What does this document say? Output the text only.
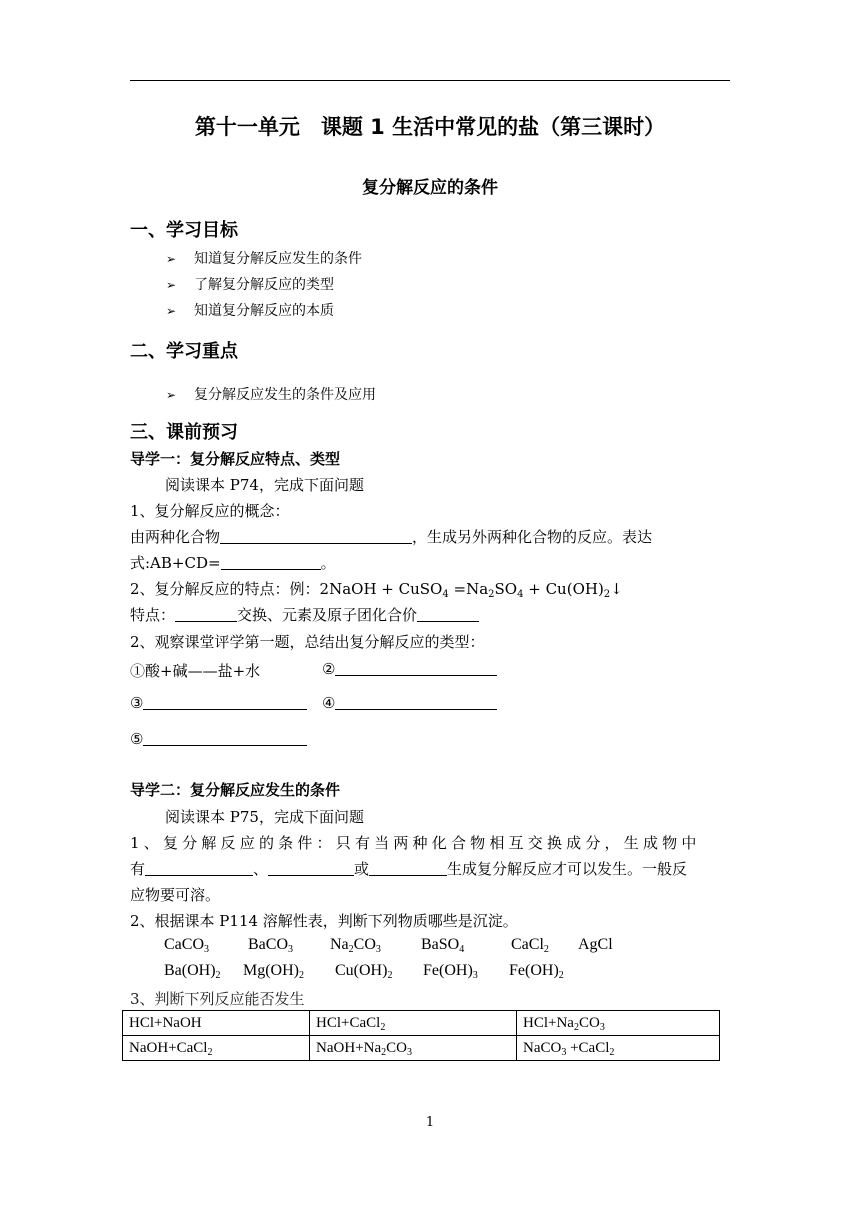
第十一单元　课题 1 生活中常见的盐（第三课时）
复分解反应的条件
一、学习目标
➢ 知道复分解反应发生的条件
➢ 了解复分解反应的类型
➢ 知道复分解反应的本质
二、学习重点
➢ 复分解反应发生的条件及应用
三、课前预习
导学一：复分解反应特点、类型
阅读课本 P74，完成下面问题
1、复分解反应的概念：
由两种化合物	，生成另外两种化合物的反应。表达
式:AB+CD=	。
2、复分解反应的特点：例：2NaOH + CuSO$_4$ $=Na_2SO_4$ + $Cu(OH)_2↓$
特点：	交换、元素及原子团化合价
2、观察课堂评学第一题，总结出复分解反应的类型：
①酸+碱——盐+水	②
③	④
⑤
导学二：复分解反应发生的条件
阅读课本 P75，完成下面问题
1、复分解反应的条件：只有当两种化合物相互交换成分，生成物中
有	、	或	生成复分解反应才可以发生。一般反
应物要可溶。
2、根据课本 P114 溶解性表，判断下列物质哪些是沉淀。
CaCO$_3$ BaCO$_3$ $Na_2CO_3$	BaSO$_4$	CaCl$_2$ AgCl
$Ba(OH)_2$ $Mg(OH)_2$ $Cu(OH)_2$ $Fe(OH)_3$ $Fe(OH)_2$
3、判断下列反应能否发生
HCl+NaOH	HCl+CaCl$_2$	$HCl+Na_2CO_3$
NaOH+CaCl$_2$	$NaOH+Na_2CO_3$	NaCO$_3$ +CaCl$_2$
1
